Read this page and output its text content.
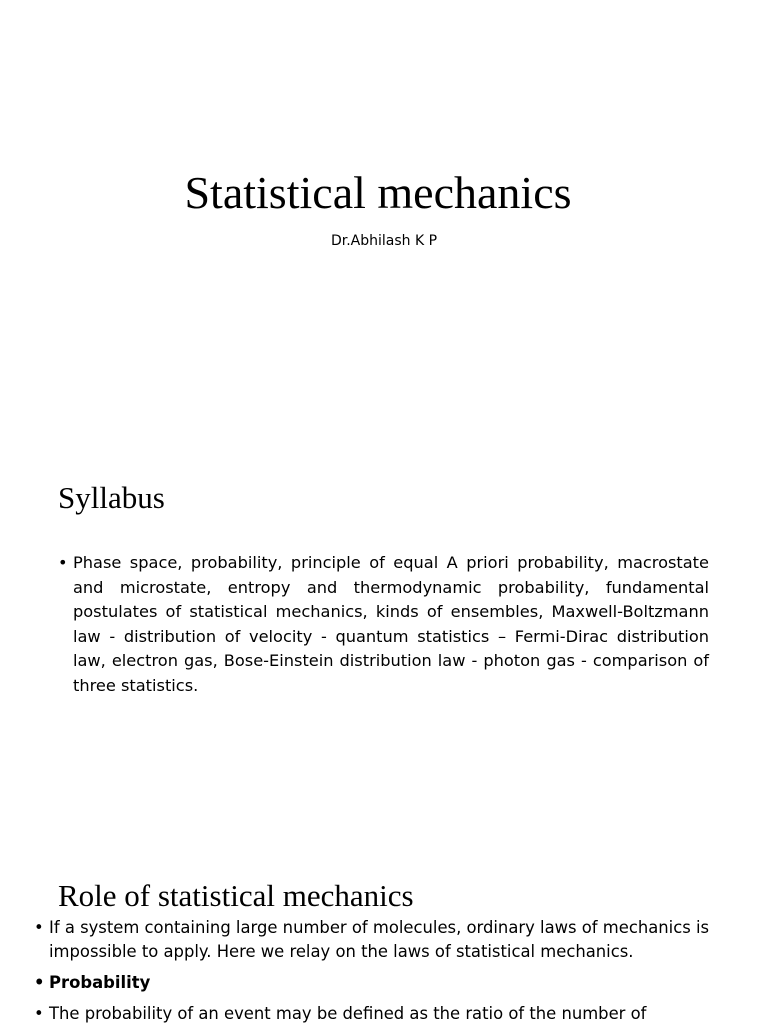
Statistical mechanics
Dr.Abhilash K P
Syllabus
• Phase space, probability, principle of equal A priori probability, macrostate and microstate, entropy and thermodynamic probability, fundamental postulates of statistical mechanics, kinds of ensembles, Maxwell-Boltzmann law - distribution of velocity - quantum statistics – Fermi-Dirac distribution law, electron gas, Bose-Einstein distribution law - photon gas - comparison of three statistics.
Role of statistical mechanics
• If a system containing large number of molecules, ordinary laws of mechanics is impossible to apply. Here we relay on the laws of statistical mechanics.
• Probability
• The probability of an event may be defined as the ratio of the number of
